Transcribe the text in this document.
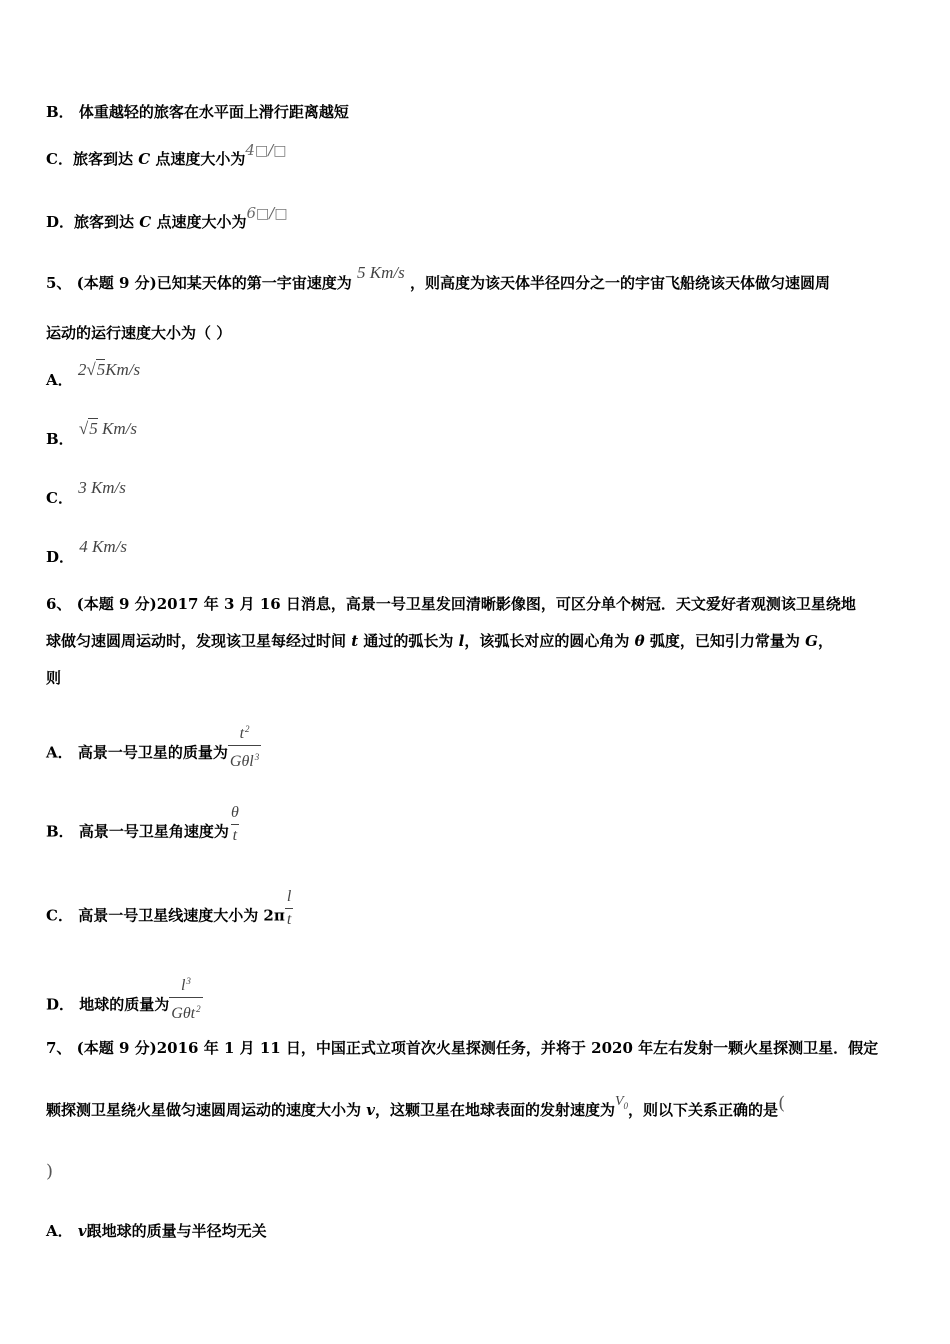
B． 体重越轻的旅客在水平面上滑行距离越短
C．旅客到达 C 点速度大小为4□/□
D．旅客到达 C 点速度大小为6□/□
5、 (本题 9 分)已知某天体的第一宇宙速度为 5 Km/s ，则高度为该天体半径四分之一的宇宙飞船绕该天体做匀速圆周
运动的运行速度大小为（ ）
A． 2√5Km/s
B． √5 Km/s
C． 3 Km/s
D． 4 Km/s
6、 (本题 9 分)2017 年 3 月 16 日消息，高景一号卫星发回清晰影像图，可区分单个树冠．天文爱好者观测该卫星绕地
球做匀速圆周运动时，发现该卫星每经过时间 t 通过的弧长为 l，该弧长对应的圆心角为 θ 弧度，已知引力常量为 G，
则
A． 高景一号卫星的质量为 $\frac{t^2}{G\theta l^3}$
B． 高景一号卫星角速度为 $\frac{\theta}{t}$
C． 高景一号卫星线速度大小为 $2\pi \frac{l}{t}$
D． 地球的质量为 $\frac{l^3}{G\theta t^2}$
7、 (本题 9 分)2016 年 1 月 11 日，中国正式立项首次火星探测任务，并将于 2020 年左右发射一颗火星探测卫星．假定
颗探测卫星绕火星做匀速圆周运动的速度大小为 v，这颗卫星在地球表面的发射速度为$V_0$，则以下关系正确的是(
)
A． v跟地球的质量与半径均无关
